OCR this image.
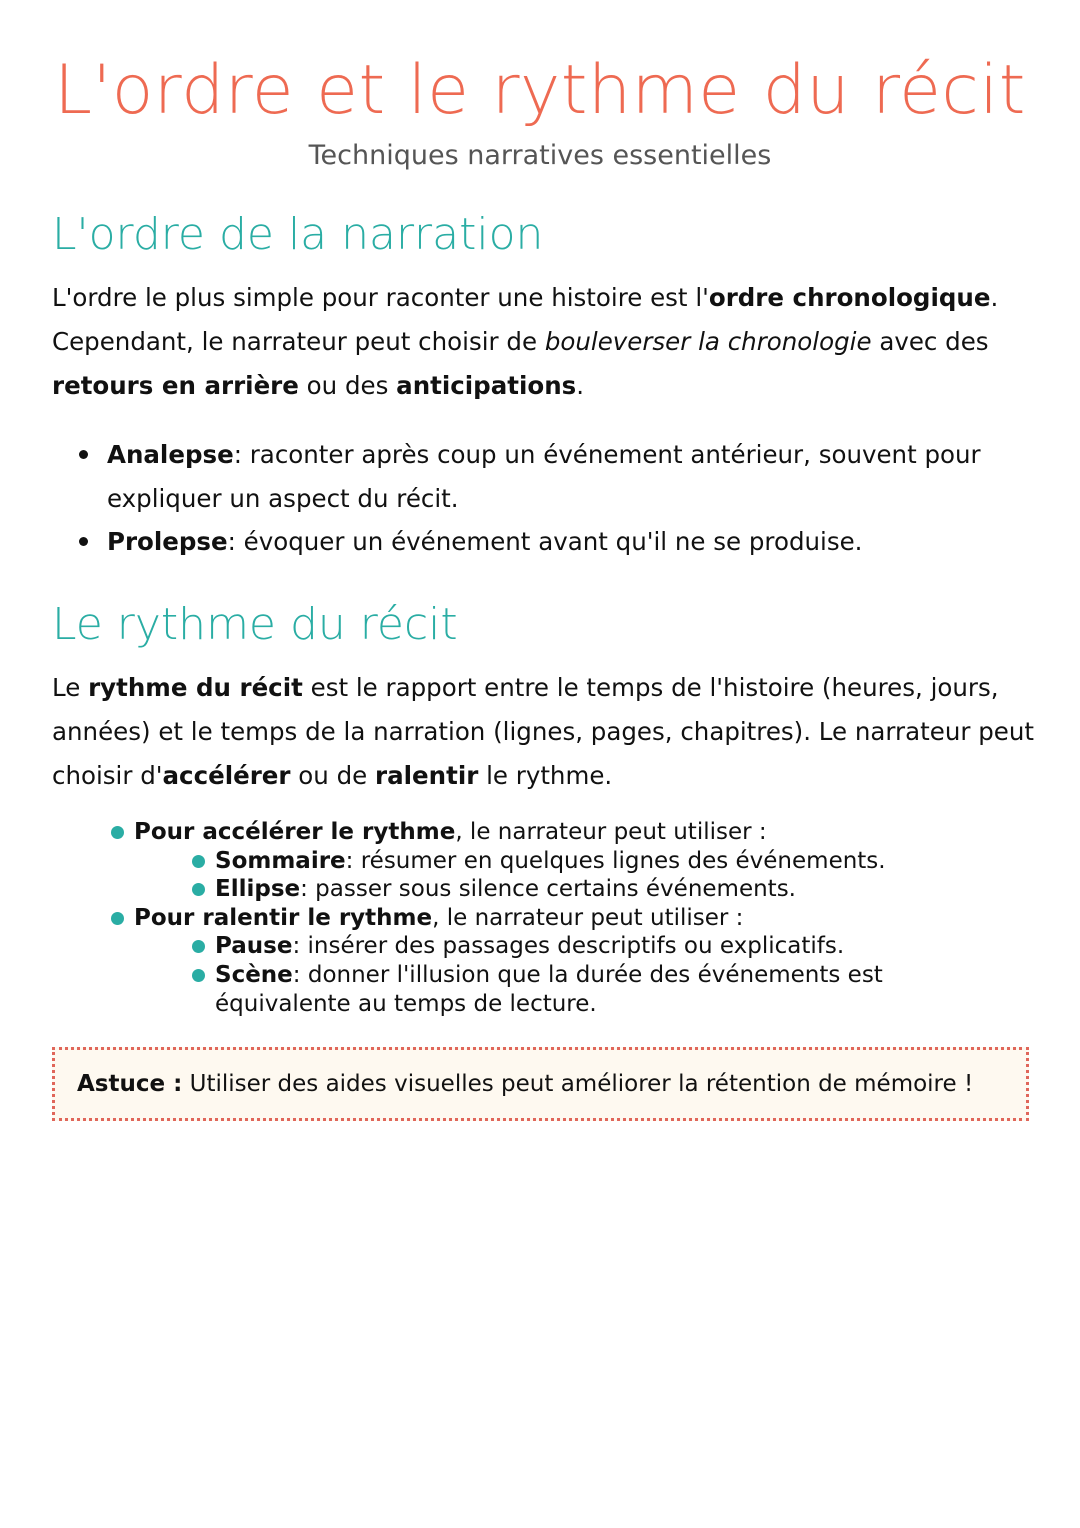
L'ordre et le rythme du récit

Techniques narratives essentielles

L'ordre de la narration

L'ordre le plus simple pour raconter une histoire est l'ordre chronologique. Cependant, le narrateur peut choisir de bouleverser la chronologie avec des retours en arrière ou des anticipations.

Analepse: raconter après coup un événement antérieur, souvent pour expliquer un aspect du récit.
Prolepse: évoquer un événement avant qu'il ne se produise.
Le rythme du récit

Le rythme du récit est le rapport entre le temps de l'histoire (heures, jours, années) et le temps de la narration (lignes, pages, chapitres). Le narrateur peut choisir d'accélérer ou de ralentir le rythme.

Pour accélérer le rythme, le narrateur peut utiliser :
Sommaire: résumer en quelques lignes des événements.
Ellipse: passer sous silence certains événements.
Pour ralentir le rythme, le narrateur peut utiliser :
Pause: insérer des passages descriptifs ou explicatifs.
Scène: donner l'illusion que la durée des événements est équivalente au temps de lecture.
Astuce : Utiliser des aides visuelles peut améliorer la rétention de mémoire !
